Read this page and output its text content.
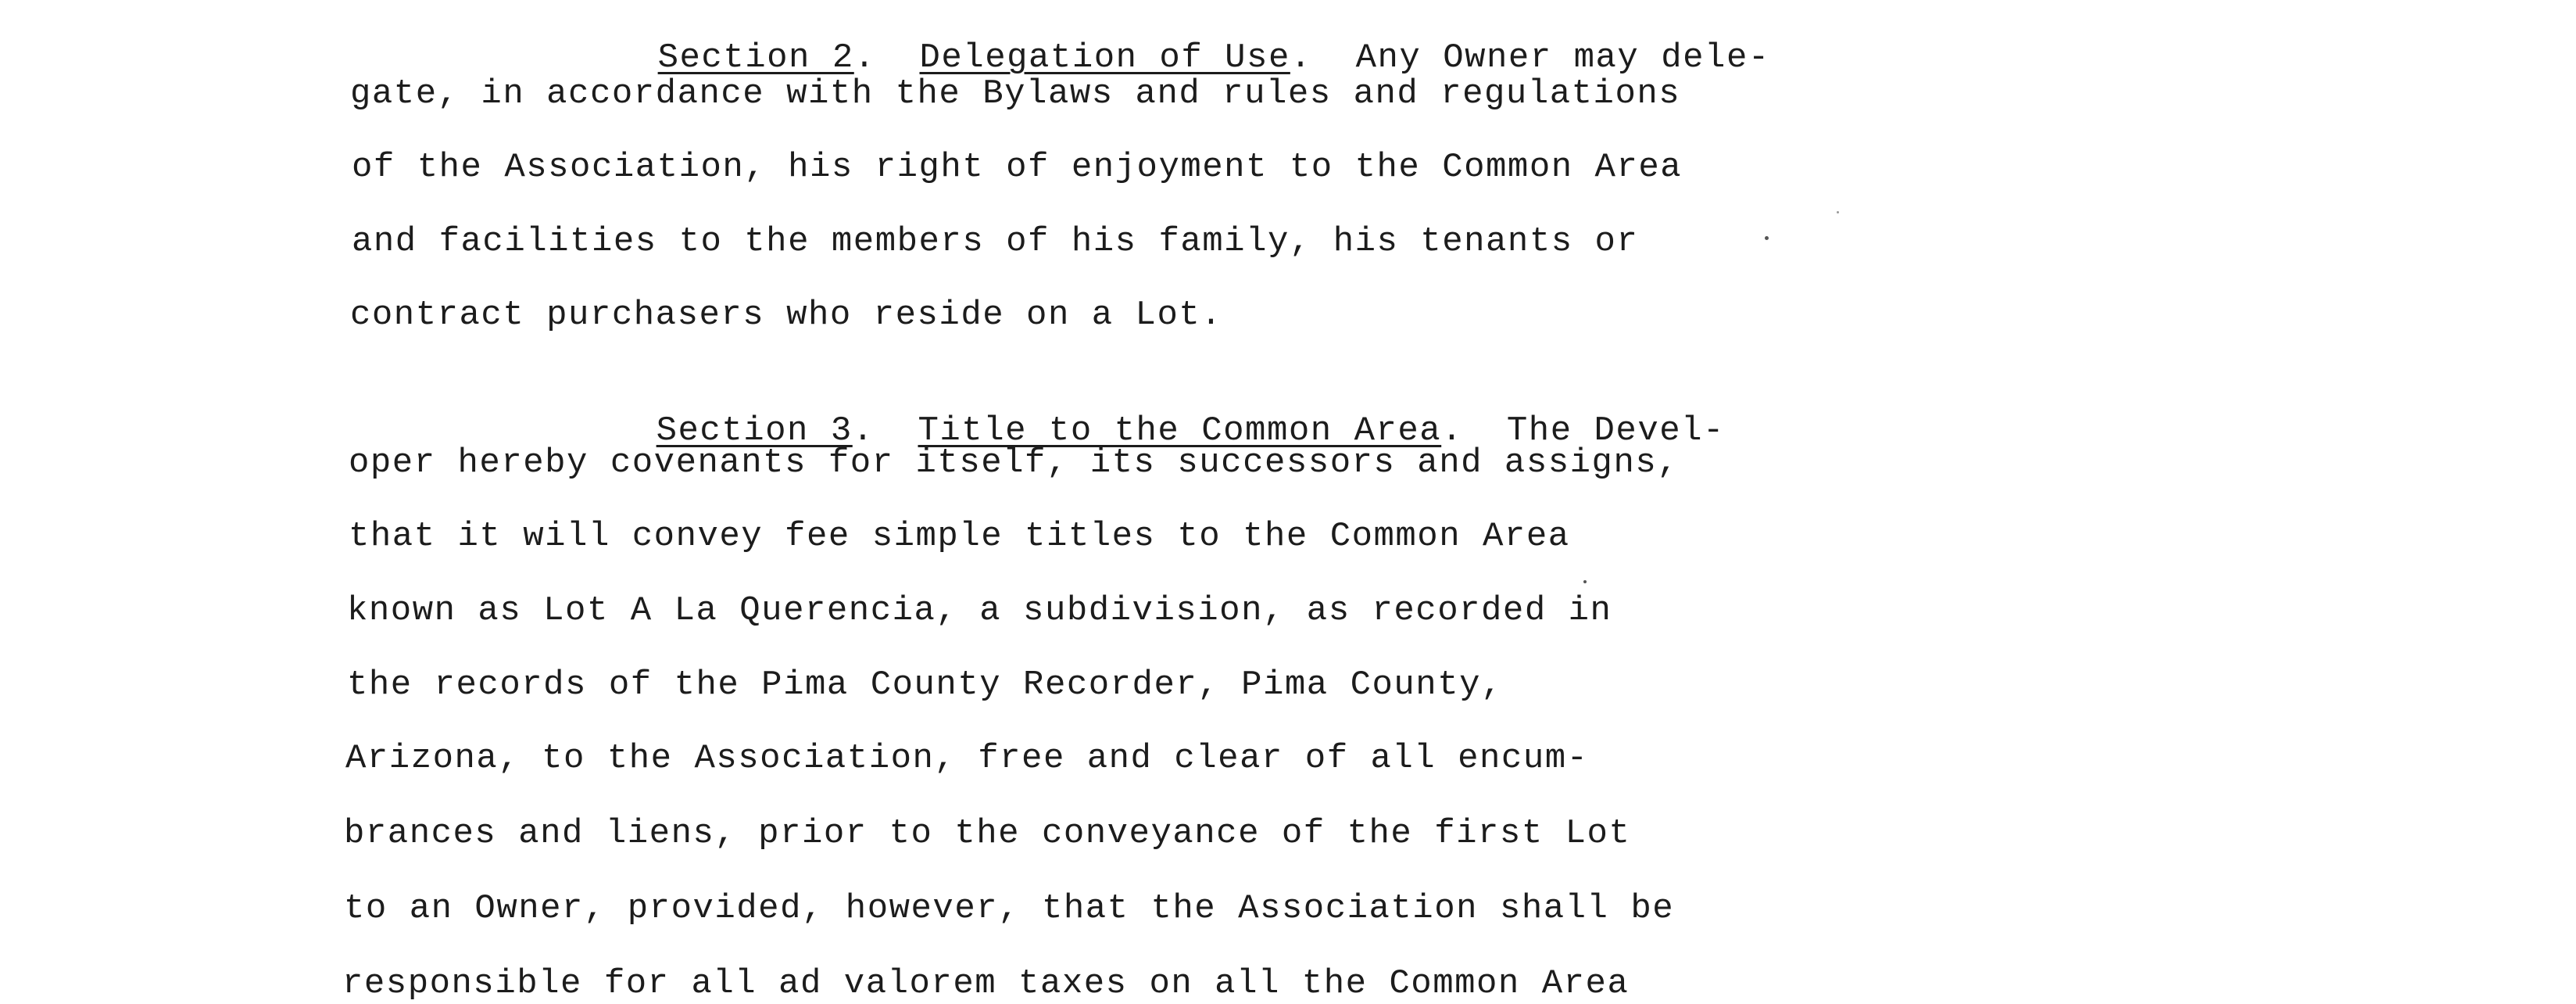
Section 2.  Delegation of Use.  Any Owner may dele-

gate, in accordance with the Bylaws and rules and regulations
of the Association, his right of enjoyment to the Common Area
and facilities to the members of his family, his tenants or
contract purchasers who reside on a Lot.

Section 3.  Title to the Common Area.  The Devel-

oper hereby covenants for itself, its successors and assigns,
that it will convey fee simple titles to the Common Area
known as Lot A La Querencia, a subdivision, as recorded in
the records of the Pima County Recorder, Pima County,
Arizona, to the Association, free and clear of all encum-
brances and liens, prior to the conveyance of the first Lot
to an Owner, provided, however, that the Association shall be
responsible for all ad valorem taxes on all the Common Area
